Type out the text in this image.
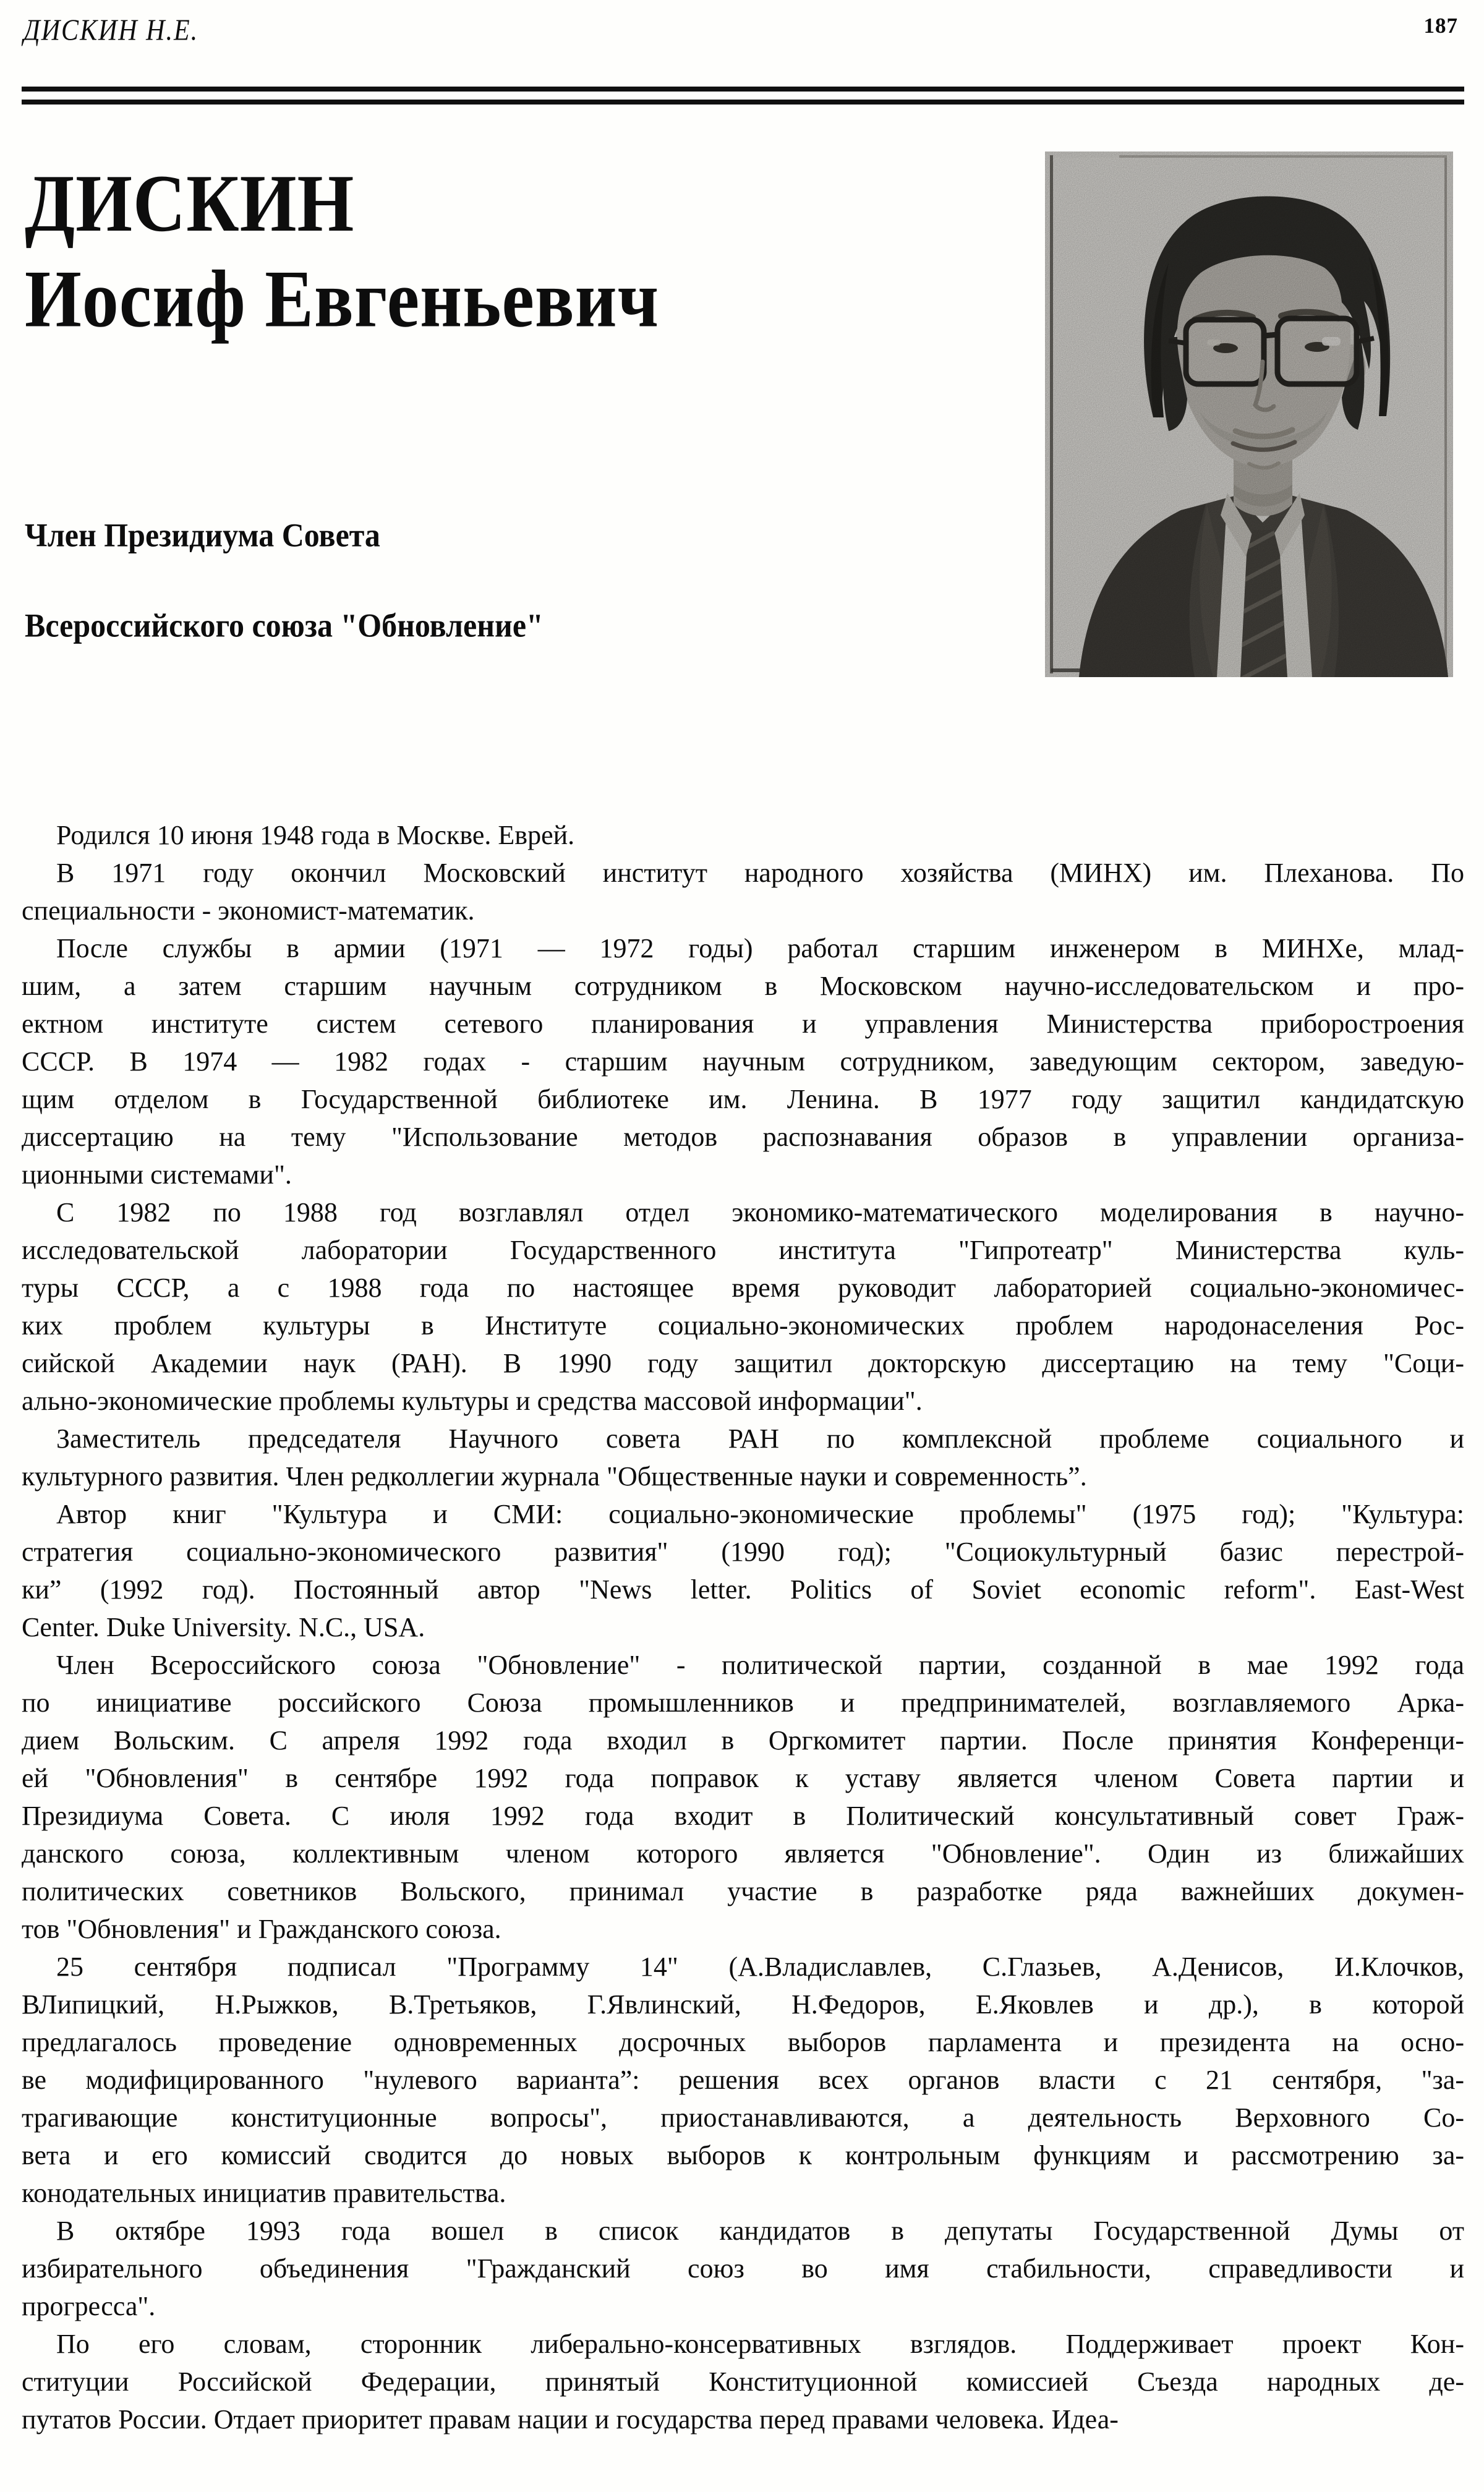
ДИСКИН Н.Е.	187
ДИСКИН
Иосиф Евгеньевич
Член Президиума Совета
Всероссийского союза "Обновление"
Родился 10 июня 1948 года в Москве. Еврей.
В 1971 году окончил Московский институт народного хозяйства (МИНХ) им. Плеханова. По
специальности - экономист-математик.
После службы в армии (1971 — 1972 годы) работал старшим инженером в МИНХе, млад-
шим, а затем старшим научным сотрудником в Московском научно-исследовательском и про-
ектном институте систем сетевого планирования и управления Министерства приборостроения
СССР. В 1974 — 1982 годах - старшим научным сотрудником, заведующим сектором, заведую-
щим отделом в Государственной библиотеке им. Ленина. В 1977 году защитил кандидатскую
диссертацию на тему "Использование методов распознавания образов в управлении организа-
ционными системами".
С 1982 по 1988 год возглавлял отдел экономико-математического моделирования в научно-
исследовательской лаборатории Государственного института "Гипротеатр" Министерства куль-
туры СССР, а с 1988 года по настоящее время руководит лабораторией социально-экономичес-
ких проблем культуры в Институте социально-экономических проблем народонаселения Рос-
сийской Академии наук (РАН). В 1990 году защитил докторскую диссертацию на тему "Соци-
ально-экономические проблемы культуры и средства массовой информации".
Заместитель председателя Научного совета РАН по комплексной проблеме социального и
культурного развития. Член редколлегии журнала "Общественные науки и современность”.
Автор книг "Культура и СМИ: социально-экономические проблемы" (1975 год); "Культура:
стратегия социально-экономического развития" (1990 год); "Социокультурный базис перестрой-
ки” (1992 год). Постоянный автор "News letter. Politics of Soviet economic reform". East-West
Center. Duke University. N.C., USA.
Член Всероссийского союза "Обновление" - политической партии, созданной в мае 1992 года
по инициативе российского Союза промышленников и предпринимателей, возглавляемого Арка-
дием Вольским. С апреля 1992 года входил в Оргкомитет партии. После принятия Конференци-
ей "Обновления" в сентябре 1992 года поправок к уставу является членом Совета партии и
Президиума Совета. С июля 1992 года входит в Политический консультативный совет Граж-
данского союза, коллективным членом которого является "Обновление". Один из ближайших
политических советников Вольского, принимал участие в разработке ряда важнейших докумен-
тов "Обновления" и Гражданского союза.
25 сентября подписал "Программу 14" (А.Владиславлев, С.Глазьев, А.Денисов, И.Клочков,
ВЛипицкий, Н.Рыжков, В.Третьяков, Г.Явлинский, Н.Федоров, Е.Яковлев и др.), в которой
предлагалось проведение одновременных досрочных выборов парламента и президента на осно-
ве модифицированного "нулевого варианта”: решения всех органов власти с 21 сентября, "за-
трагивающие конституционные вопросы", приостанавливаются, а деятельность Верховного Со-
вета и его комиссий сводится до новых выборов к контрольным функциям и рассмотрению за-
конодательных инициатив правительства.
В октябре 1993 года вошел в список кандидатов в депутаты Государственной Думы от
избирательного объединения "Гражданский союз во имя стабильности, справедливости и
прогресса".
По его словам, сторонник либерально-консервативных взглядов. Поддерживает проект Кон-
ституции Российской Федерации, принятый Конституционной комиссией Съезда народных де-
путатов России. Отдает приоритет правам нации и государства перед правами человека. Идеа-
